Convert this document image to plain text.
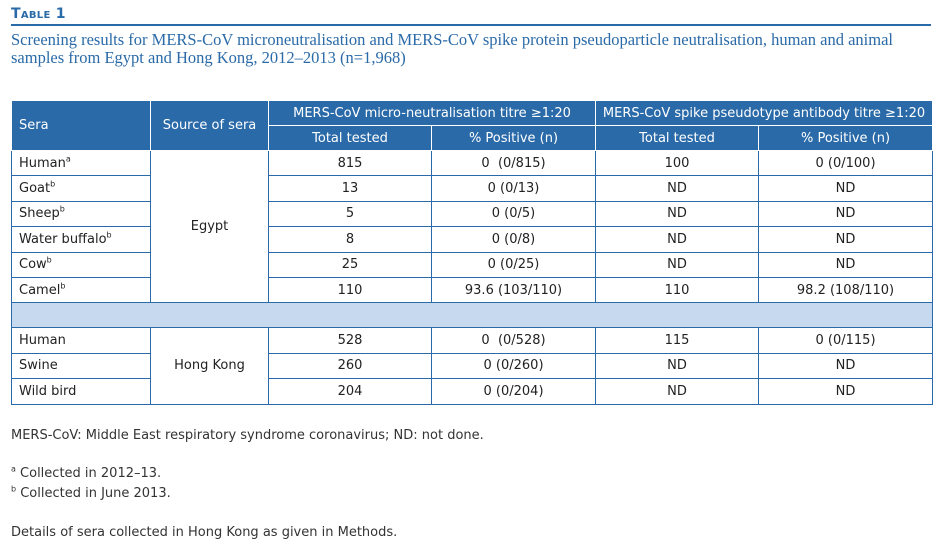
Table 1
Screening results for MERS-CoV microneutralisation and MERS-CoV spike protein pseudoparticle neutralisation, human and animal samples from Egypt and Hong Kong, 2012–2013 (n=1,968)
Sera	Source of sera	MERS-CoV micro-neutralisation titre ≥1:20		MERS-CoV spike pseudotype antibody titre ≥1:20	
		Total tested	% Positive (n)	Total tested	% Positive (n)
Human$^a$	Egypt	815	0  (0/815)	100	0 (0/100)
Goat$^b$		13	0 (0/13)	ND	ND
Sheep$^b$		5	0 (0/5)	ND	ND
Water buffalo$^b$		8	0 (0/8)	ND	ND
Cow$^b$		25	0 (0/25)	ND	ND
Camel$^b$		110	93.6 (103/110)	110	98.2 (108/110)

Human	Hong Kong	528	0  (0/528)	115	0 (0/115)
Swine		260	0 (0/260)	ND	ND
Wild bird		204	0 (0/204)	ND	ND
MERS-CoV: Middle East respiratory syndrome coronavirus; ND: not done.
$^a$ Collected in 2012–13.
$^b$ Collected in June 2013.
Details of sera collected in Hong Kong as given in Methods.
